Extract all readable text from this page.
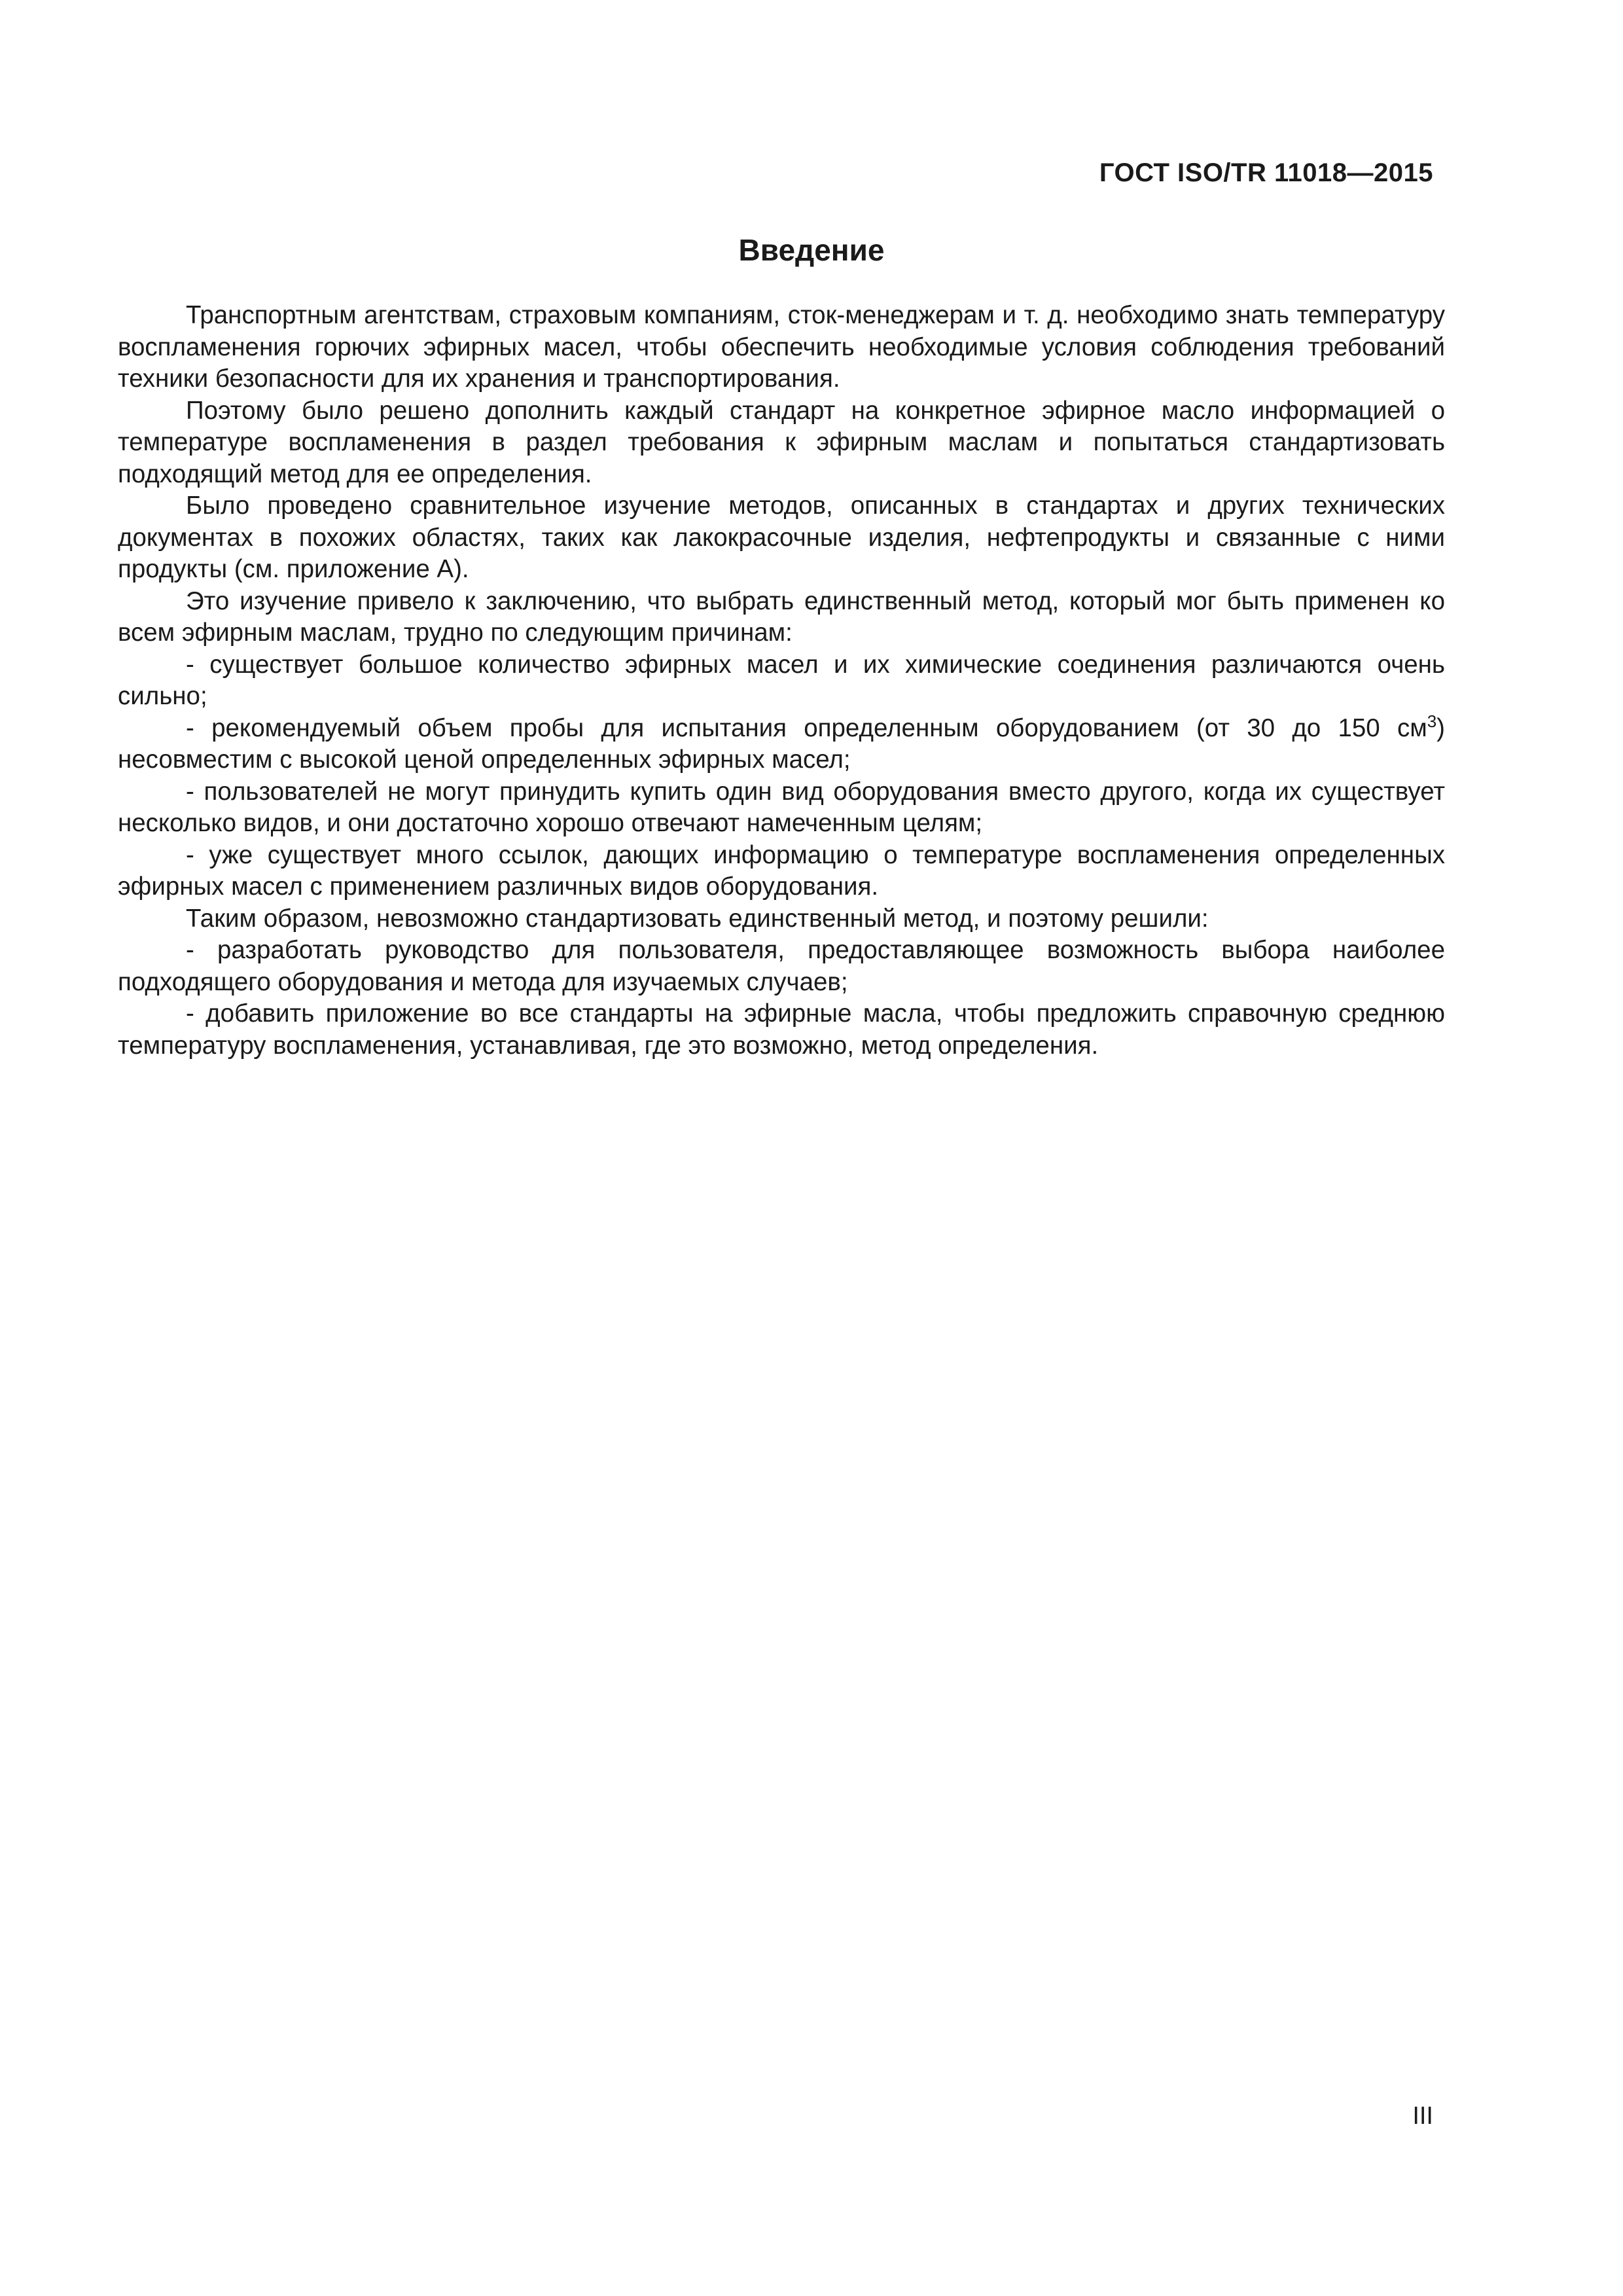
ГОСТ ISO/TR 11018—2015
Введение

Транспортным агентствам, страховым компаниям, сток-менеджерам и т. д. необходимо знать температуру воспламенения горючих эфирных масел, чтобы обеспечить необходимые условия соблюдения требований техники безопасности для их хранения и транспортирования.

Поэтому было решено дополнить каждый стандарт на конкретное эфирное масло информацией о температуре воспламенения в раздел требования к эфирным маслам и попытаться стандартизовать подходящий метод для ее определения.

Было проведено сравнительное изучение методов, описанных в стандартах и других технических документах в похожих областях, таких как лакокрасочные изделия, нефтепродукты и связанные с ними продукты (см. приложение А).

Это изучение привело к заключению, что выбрать единственный метод, который мог быть применен ко всем эфирным маслам, трудно по следующим причинам:

- существует большое количество эфирных масел и их химические соединения различаются очень сильно;

- рекомендуемый объем пробы для испытания определенным оборудованием (от 30 до 150 $см^3$) несовместим с высокой ценой определенных эфирных масел;

- пользователей не могут принудить купить один вид оборудования вместо другого, когда их существует несколько видов, и они достаточно хорошо отвечают намеченным целям;

- уже существует много ссылок, дающих информацию о температуре воспламенения определенных эфирных масел с применением различных видов оборудования.

Таким образом, невозможно стандартизовать единственный метод, и поэтому решили:

- разработать руководство для пользователя, предоставляющее возможность выбора наиболее подходящего оборудования и метода для изучаемых случаев;

- добавить приложение во все стандарты на эфирные масла, чтобы предложить справочную среднюю температуру воспламенения, устанавливая, где это возможно, метод определения.

III
